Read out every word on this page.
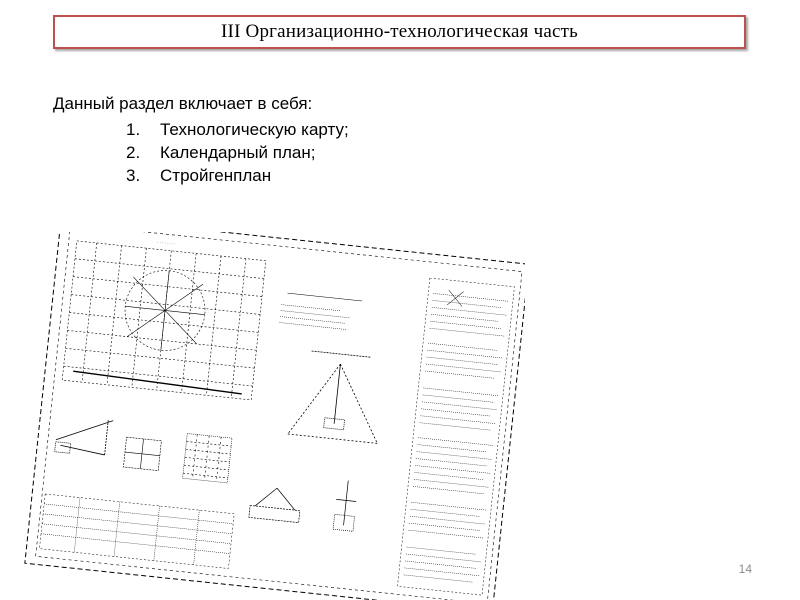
III Организационно-технологическая часть
Данный раздел включает в себя:
1.	Технологическую карту;
2.	Календарный план;
3.	Стройгенплан
· · · · · · · ·
14
